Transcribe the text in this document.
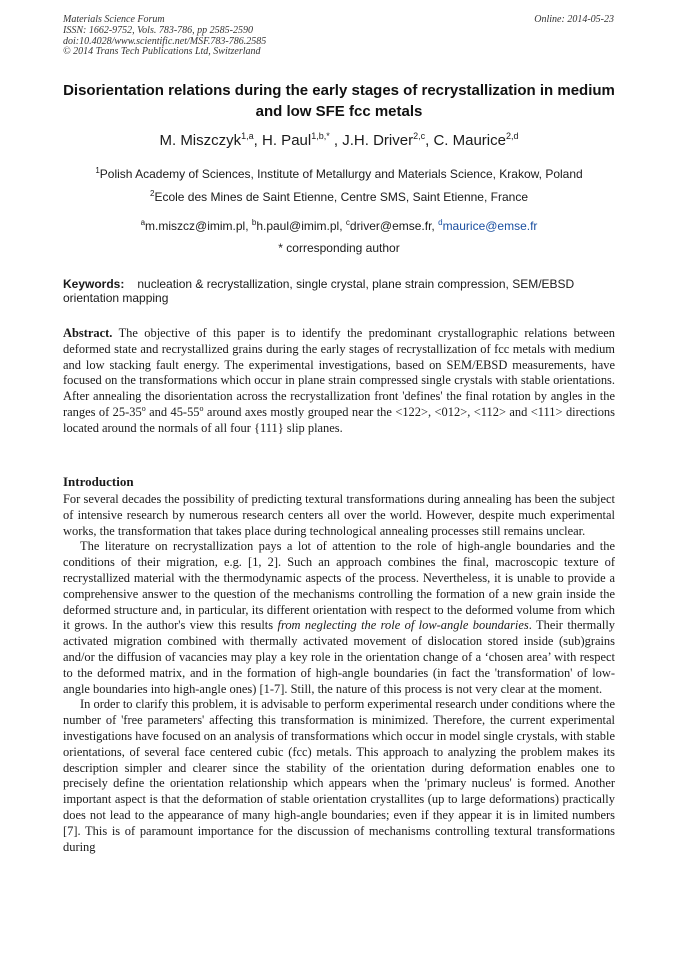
Materials Science Forum
ISSN: 1662-9752, Vols. 783-786, pp 2585-2590
doi:10.4028/www.scientific.net/MSF.783-786.2585
© 2014 Trans Tech Publications Ltd, Switzerland
Online: 2014-05-23
Disorientation relations during the early stages of recrystallization in medium and low SFE fcc metals
M. Miszczyk$^{1,a}$, H. Paul$^{1,b,*}$ , J.H. Driver$^{2,c}$, C. Maurice$^{2,d}$
$^1$Polish Academy of Sciences, Institute of Metallurgy and Materials Science, Krakow, Poland
$^2$Ecole des Mines de Saint Etienne, Centre SMS, Saint Etienne, France
$^a$m.miszcz@imim.pl, $^b$h.paul@imim.pl, $^c$driver@emse.fr, $^d$maurice@emse.fr
* corresponding author
Keywords: nucleation & recrystallization, single crystal, plane strain compression, SEM/EBSD orientation mapping
Abstract. The objective of this paper is to identify the predominant crystallographic relations between deformed state and recrystallized grains during the early stages of recrystallization of fcc metals with medium and low stacking fault energy. The experimental investigations, based on SEM/EBSD measurements, have focused on the transformations which occur in plane strain compressed single crystals with stable orientations. After annealing the disorientation across the recrystallization front 'defines' the final rotation by angles in the ranges of 25-35$^o$ and 45-55$^o$ around axes mostly grouped near the <122>, <012>, <112> and <111> directions located around the normals of all four {111} slip planes.
Introduction

For several decades the possibility of predicting textural transformations during annealing has been the subject of intensive research by numerous research centers all over the world. However, despite much experimental works, the transformation that takes place during technological annealing processes still remains unclear.

The literature on recrystallization pays a lot of attention to the role of high-angle boundaries and the conditions of their migration, e.g. [1, 2]. Such an approach combines the final, macroscopic texture of recrystallized material with the thermodynamic aspects of the process. Nevertheless, it is unable to provide a comprehensive answer to the question of the mechanisms controlling the formation of a new grain inside the deformed structure and, in particular, its different orientation with respect to the deformed volume from which it grows. In the author's view this results from neglecting the role of low-angle boundaries. Their thermally activated migration combined with thermally activated movement of dislocation stored inside (sub)grains and/or the diffusion of vacancies may play a key role in the orientation change of a ‘chosen area’ with respect to the deformed matrix, and in the formation of high-angle boundaries (in fact the 'transformation' of low-angle boundaries into high-angle ones) [1-7]. Still, the nature of this process is not very clear at the moment.

In order to clarify this problem, it is advisable to perform experimental research under conditions where the number of 'free parameters' affecting this transformation is minimized. Therefore, the current experimental investigations have focused on an analysis of transformations which occur in model single crystals, with stable orientations, of several face centered cubic (fcc) metals. This approach to analyzing the problem makes its description simpler and clearer since the stability of the orientation during deformation enables one to precisely define the orientation relationship which appears when the 'primary nucleus' is formed. Another important aspect is that the deformation of stable orientation crystallites (up to large deformations) practically does not lead to the appearance of many high-angle boundaries; even if they appear it is in limited numbers [7]. This is of paramount importance for the discussion of mechanisms controlling textural transformations during
